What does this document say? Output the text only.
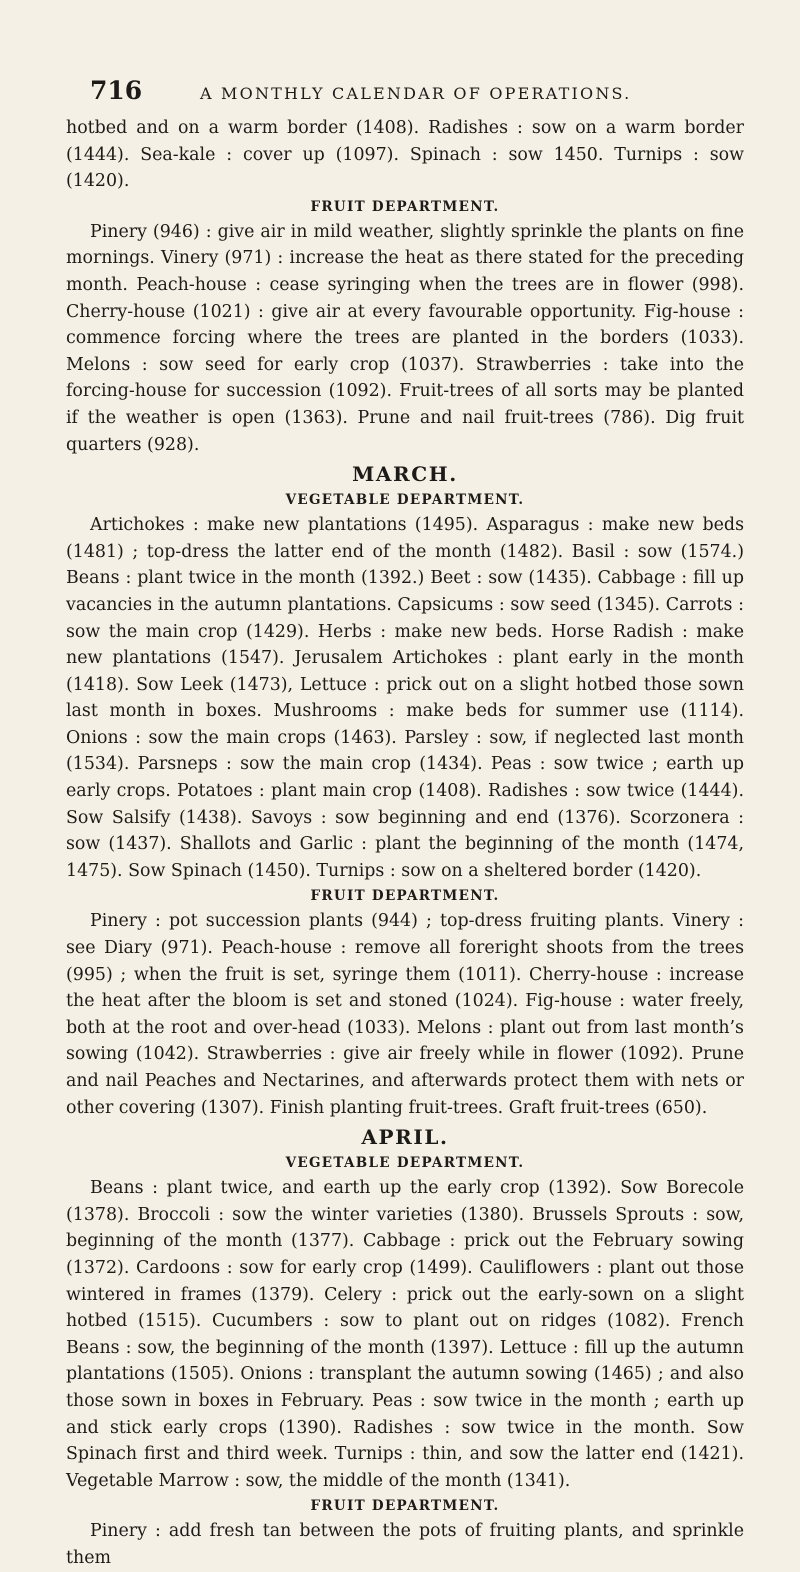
716	A MONTHLY CALENDAR OF OPERATIONS.

hotbed and on a warm border (1408). Radishes : sow on a warm border (1444). Sea-kale : cover up (1097). Spinach : sow 1450. Turnips : sow (1420).

FRUIT DEPARTMENT.

Pinery (946) : give air in mild weather, slightly sprinkle the plants on fine mornings. Vinery (971) : increase the heat as there stated for the preceding month. Peach-house : cease syringing when the trees are in flower (998). Cherry-house (1021) : give air at every favourable opportunity. Fig-house : commence forcing where the trees are planted in the borders (1033). Melons : sow seed for early crop (1037). Strawberries : take into the forcing-house for succession (1092). Fruit-trees of all sorts may be planted if the weather is open (1363). Prune and nail fruit-trees (786). Dig fruit quarters (928).

MARCH.
VEGETABLE DEPARTMENT.

Artichokes : make new plantations (1495). Asparagus : make new beds (1481) ; top-dress the latter end of the month (1482). Basil : sow (1574.) Beans : plant twice in the month (1392.) Beet : sow (1435). Cabbage : fill up vacancies in the autumn plantations. Capsicums : sow seed (1345). Carrots : sow the main crop (1429). Herbs : make new beds. Horse Radish : make new plantations (1547). Jerusalem Artichokes : plant early in the month (1418). Sow Leek (1473), Lettuce : prick out on a slight hotbed those sown last month in boxes. Mushrooms : make beds for summer use (1114). Onions : sow the main crops (1463). Parsley : sow, if neglected last month (1534). Parsneps : sow the main crop (1434). Peas : sow twice ; earth up early crops. Potatoes : plant main crop (1408). Radishes : sow twice (1444). Sow Salsify (1438). Savoys : sow beginning and end (1376). Scorzonera : sow (1437). Shallots and Garlic : plant the beginning of the month (1474, 1475). Sow Spinach (1450). Turnips : sow on a sheltered border (1420).

FRUIT DEPARTMENT.

Pinery : pot succession plants (944) ; top-dress fruiting plants. Vinery : see Diary (971). Peach-house : remove all foreright shoots from the trees (995) ; when the fruit is set, syringe them (1011). Cherry-house : increase the heat after the bloom is set and stoned (1024). Fig-house : water freely, both at the root and over-head (1033). Melons : plant out from last month’s sowing (1042). Strawberries : give air freely while in flower (1092). Prune and nail Peaches and Nectarines, and afterwards protect them with nets or other covering (1307). Finish planting fruit-trees. Graft fruit-trees (650).

APRIL.
VEGETABLE DEPARTMENT.

Beans : plant twice, and earth up the early crop (1392). Sow Borecole (1378). Broccoli : sow the winter varieties (1380). Brussels Sprouts : sow, beginning of the month (1377). Cabbage : prick out the February sowing (1372). Cardoons : sow for early crop (1499). Cauliflowers : plant out those wintered in frames (1379). Celery : prick out the early-sown on a slight hotbed (1515). Cucumbers : sow to plant out on ridges (1082). French Beans : sow, the beginning of the month (1397). Lettuce : fill up the autumn plantations (1505). Onions : transplant the autumn sowing (1465) ; and also those sown in boxes in February. Peas : sow twice in the month ; earth up and stick early crops (1390). Radishes : sow twice in the month. Sow Spinach first and third week. Turnips : thin, and sow the latter end (1421). Vegetable Marrow : sow, the middle of the month (1341).

FRUIT DEPARTMENT.

Pinery : add fresh tan between the pots of fruiting plants, and sprinkle them
